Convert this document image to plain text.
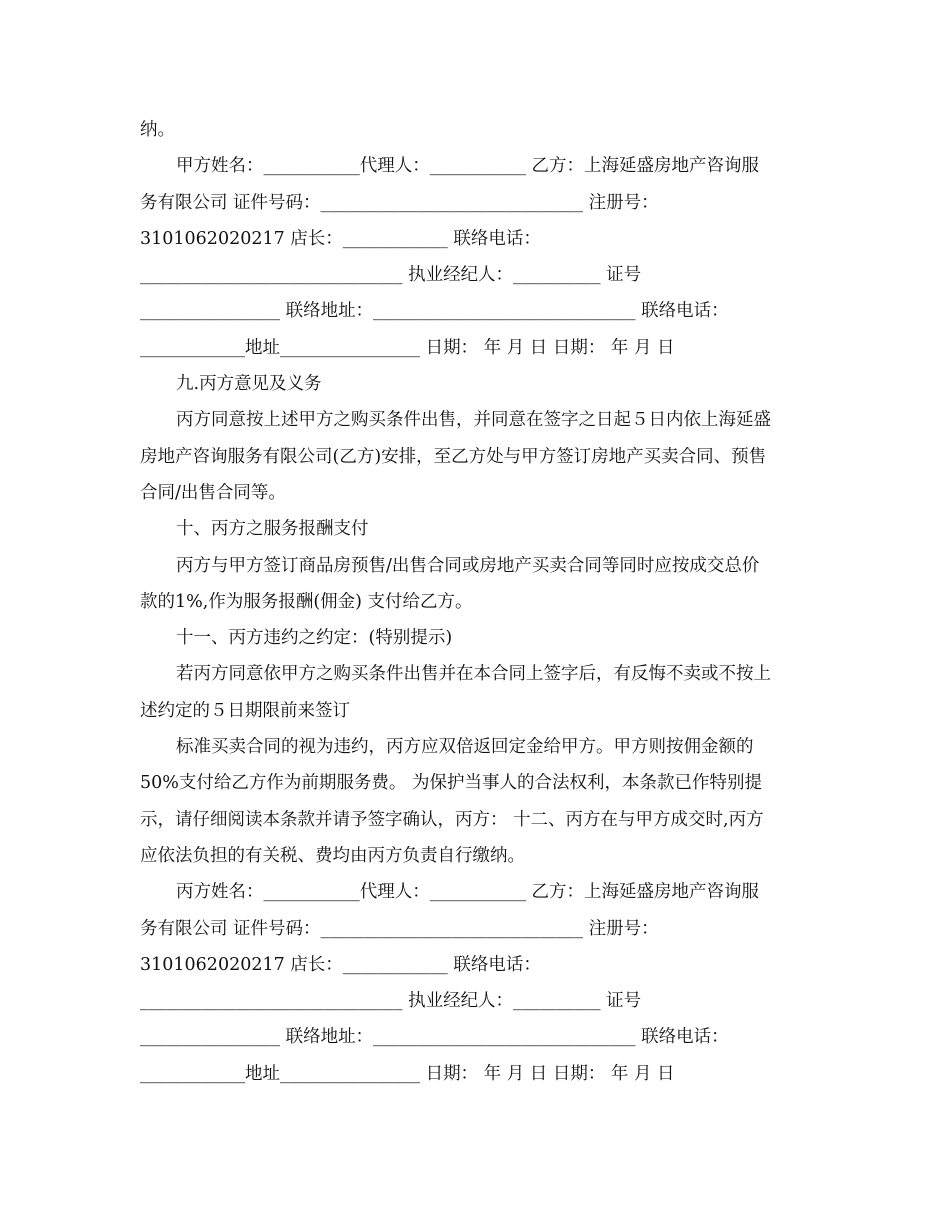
纳。
甲方姓名：___________代理人：___________ 乙方：上海延盛房地产咨询服
务有限公司 证件号码：______________________________ 注册号：
3101062020217 店长：____________ 联络电话：
______________________________ 执业经纪人：__________ 证号
________________ 联络地址：______________________________ 联络电话：
____________地址________________ 日期： 年 月 日 日期： 年 月 日
九.丙方意见及义务
丙方同意按上述甲方之购买条件出售，并同意在签字之日起５日内依上海延盛
房地产咨询服务有限公司(乙方)安排，至乙方处与甲方签订房地产买卖合同、预售
合同/出售合同等。
十、丙方之服务报酬支付
丙方与甲方签订商品房预售/出售合同或房地产买卖合同等同时应按成交总价
款的1%,作为服务报酬(佣金) 支付给乙方。
十一、丙方违约之约定：(特别提示)
若丙方同意依甲方之购买条件出售并在本合同上签字后，有反悔不卖或不按上
述约定的５日期限前来签订
标准买卖合同的视为违约，丙方应双倍返回定金给甲方。甲方则按佣金额的
50%支付给乙方作为前期服务费。 为保护当事人的合法权利，本条款已作特别提
示，请仔细阅读本条款并请予签字确认，丙方： 十二、丙方在与甲方成交时,丙方
应依法负担的有关税、费均由丙方负责自行缴纳。
丙方姓名：___________代理人：___________ 乙方：上海延盛房地产咨询服
务有限公司 证件号码：______________________________ 注册号：
3101062020217 店长：____________ 联络电话：
______________________________ 执业经纪人：__________ 证号
________________ 联络地址：______________________________ 联络电话：
____________地址________________ 日期： 年 月 日 日期： 年 月 日
